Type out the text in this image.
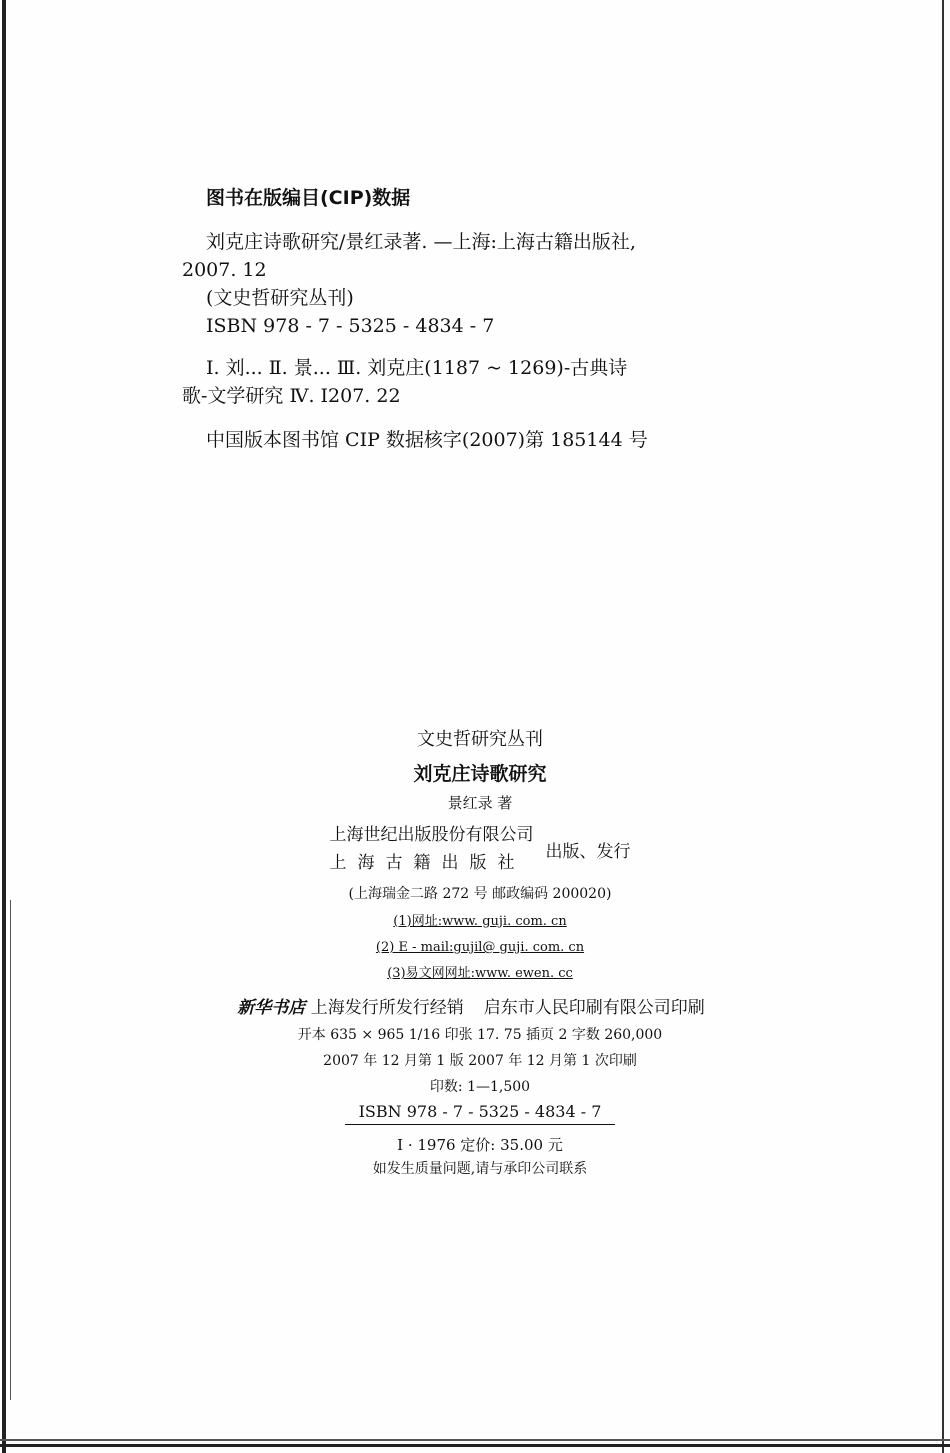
图书在版编目(CIP)数据
刘克庄诗歌研究/景红录著. —上海:上海古籍出版社,
2007. 12
(文史哲研究丛刊)
ISBN 978 - 7 - 5325 - 4834 - 7
Ⅰ. 刘... Ⅱ. 景... Ⅲ. 刘克庄(1187 ~ 1269)-古典诗
歌-文学研究 Ⅳ. I207. 22
中国版本图书馆 CIP 数据核字(2007)第 185144 号
文史哲研究丛刊
刘克庄诗歌研究
景红录 著
上海世纪出版股份有限公司
上海古籍出版社
出版、发行
(上海瑞金二路 272 号 邮政编码 200020)
(1)网址:www. guji. com. cn
(2) E - mail:gujil@ guji. com. cn
(3)易文网网址:www. ewen. cc
新华书店 上海发行所发行经销 启东市人民印刷有限公司印刷
开本 635 × 965 1/16 印张 17. 75 插页 2 字数 260,000
2007 年 12 月第 1 版 2007 年 12 月第 1 次印刷
印数: 1—1,500
ISBN 978 - 7 - 5325 - 4834 - 7
I · 1976 定价: 35.00 元
如发生质量问题,请与承印公司联系
